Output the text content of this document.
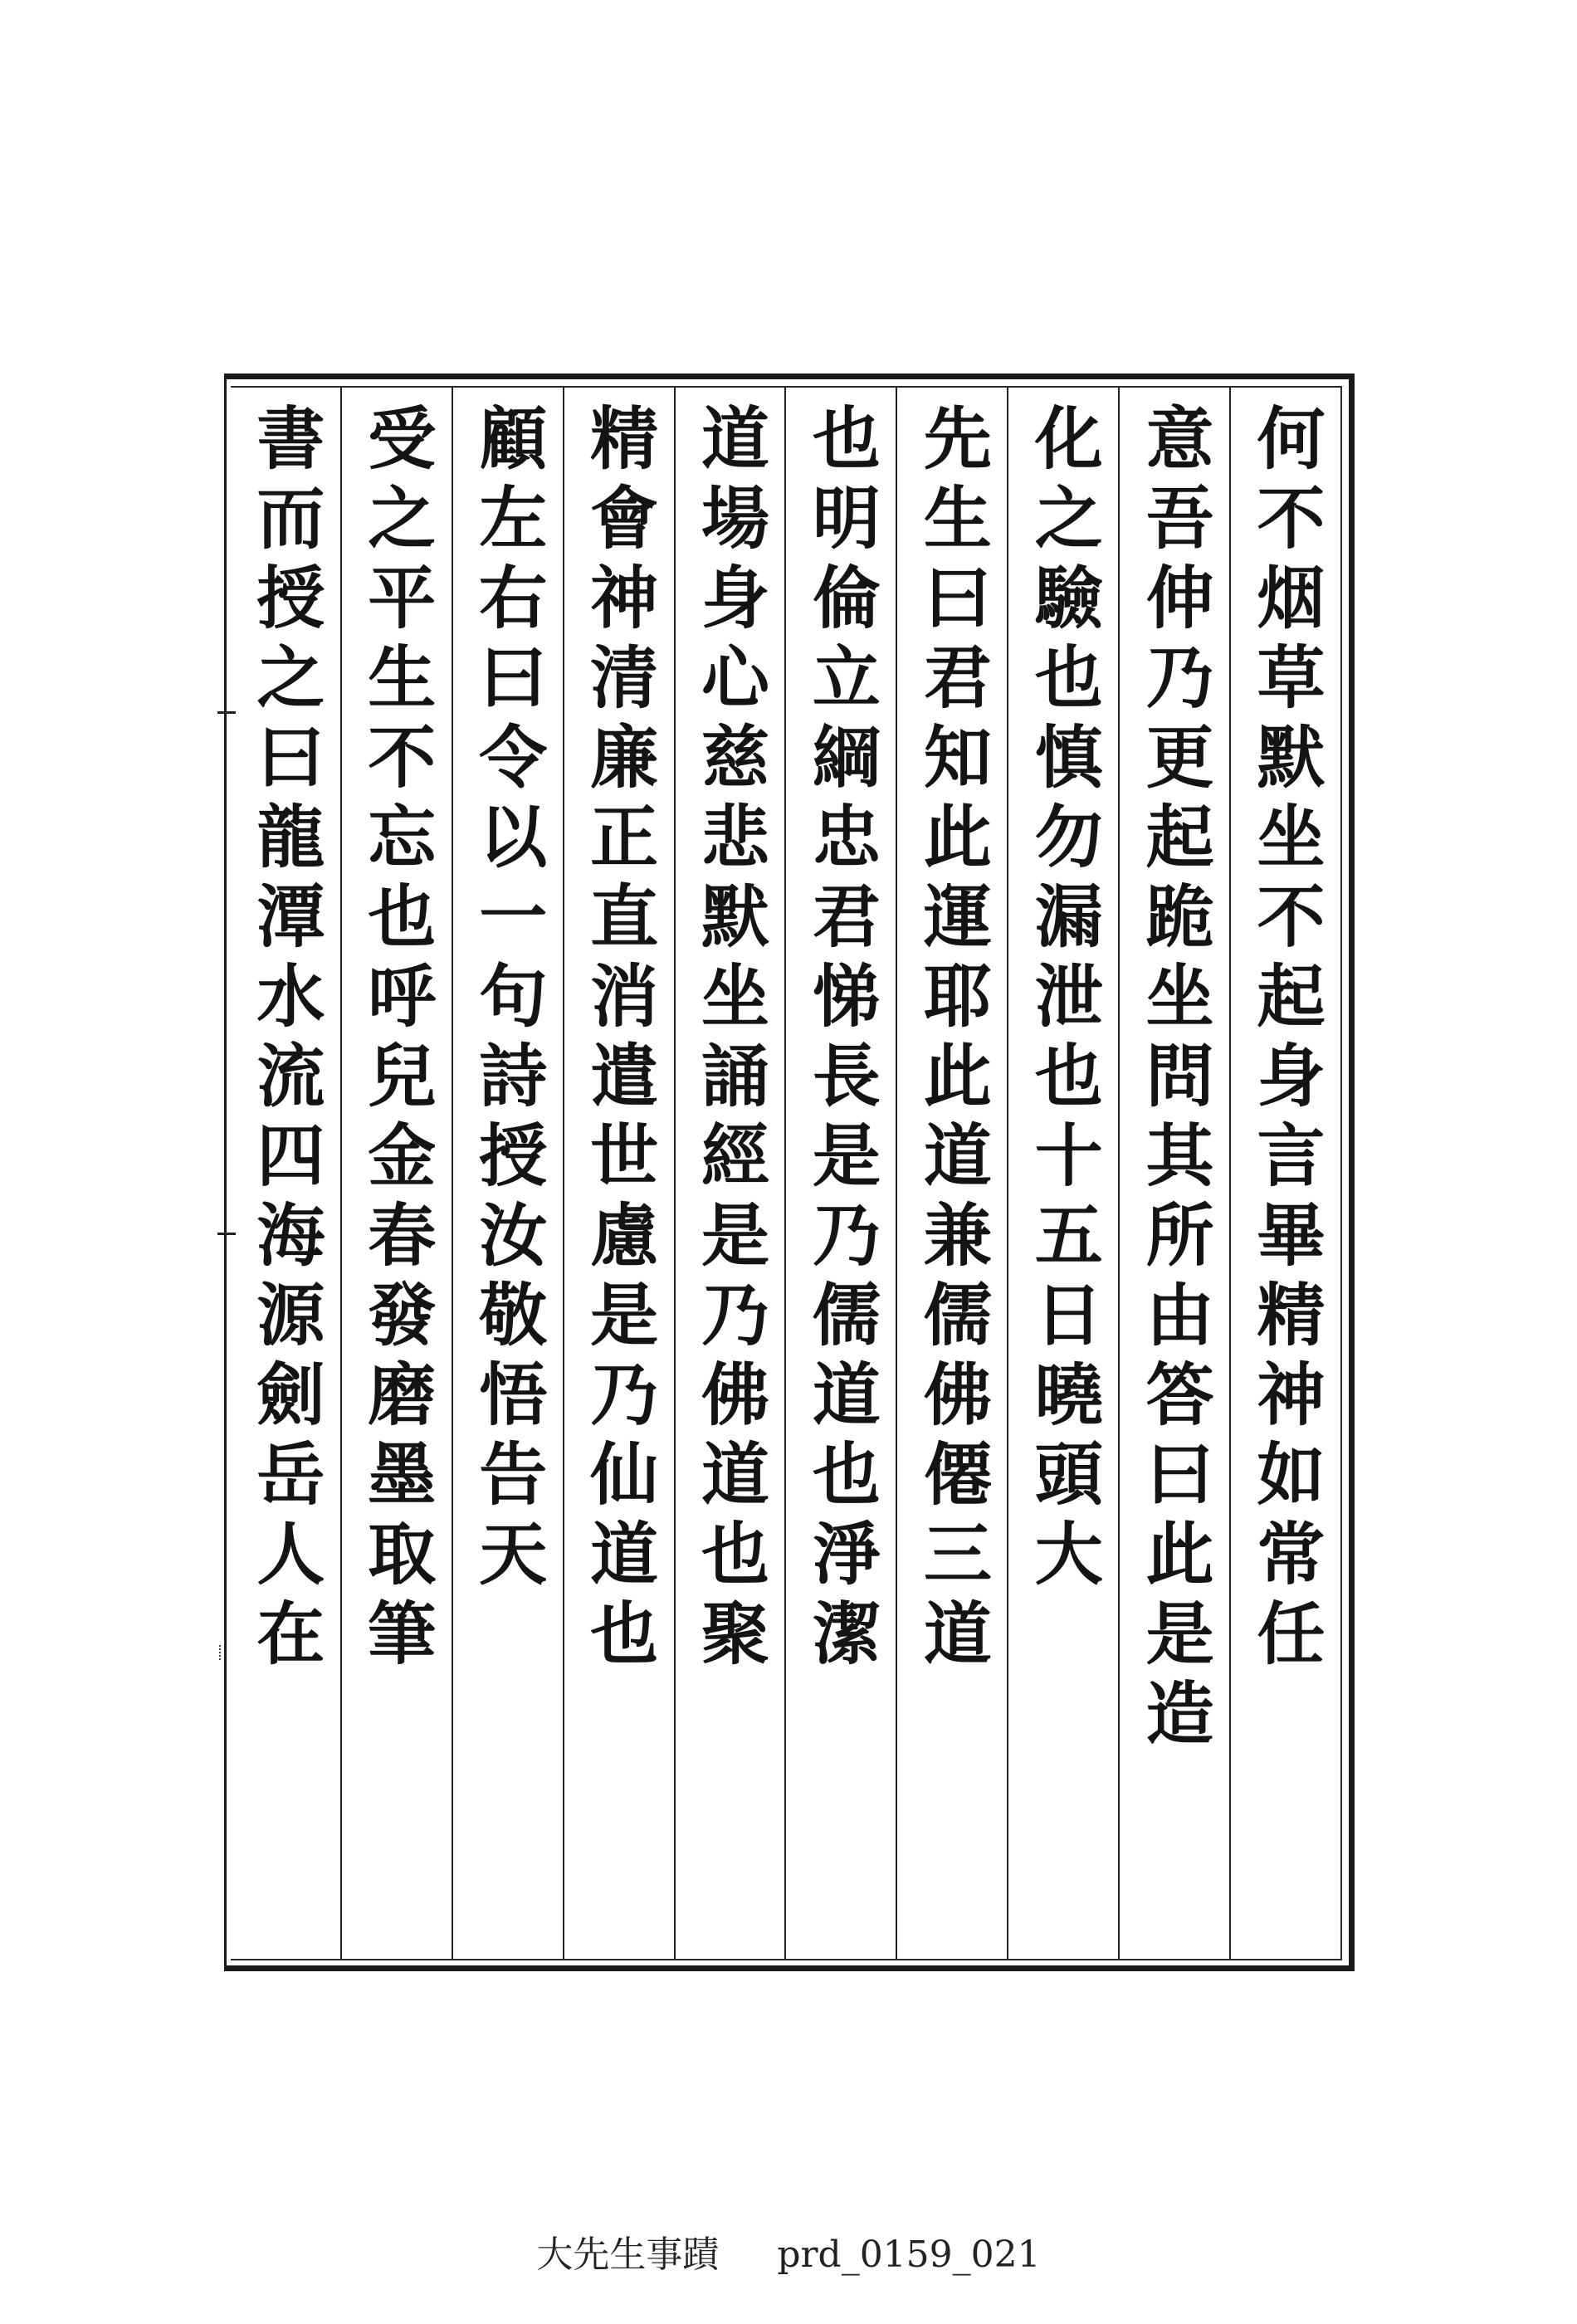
何不烟草默坐不起身言畢精神如常任
意吾伸乃更起跪坐問其所由答曰此是造
化之驗也慎勿漏泄也十五日曉頭大
先生曰君知此運耶此道兼儒佛僊三道
也明倫立綱忠君悌長是乃儒道也淨潔
道場身心慈悲默坐誦經是乃佛道也聚
精會神清廉正直消遣世慮是乃仙道也
顧左右曰令以一句詩授汝敬悟告天
受之平生不忘也呼兒金春發磨墨取筆
書而授之曰龍潭水流四海源劍岳人在
大先生事蹟 prd_0159_021
